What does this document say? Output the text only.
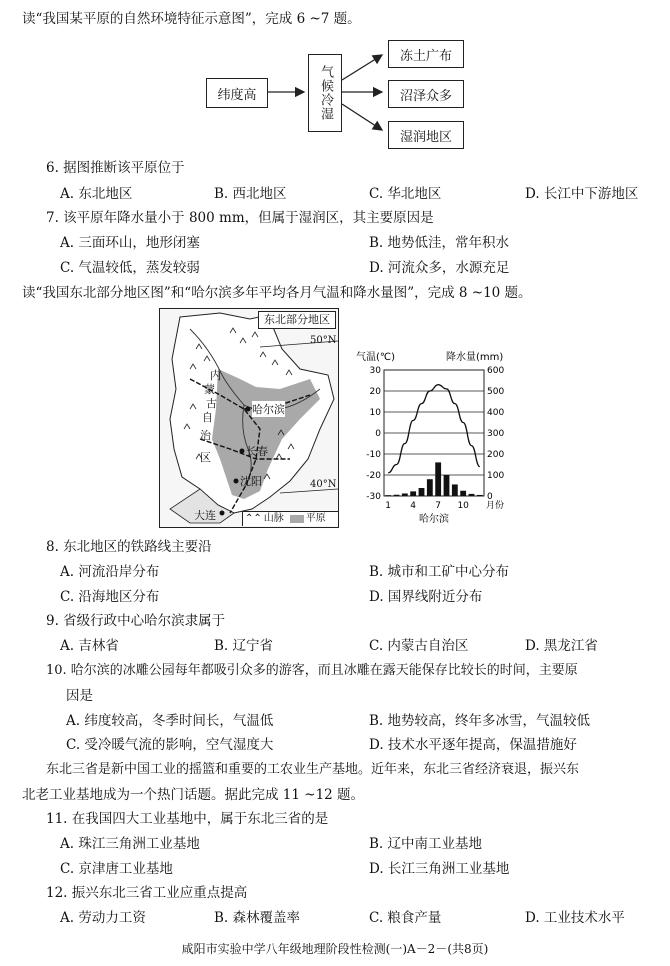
读“我国某平原的自然环境特征示意图”，完成 6 ~7 题。
纬度高	气候冷湿
冻土广布
沼泽众多
湿润地区
6. 据图推断该平原位于
A. 东北地区	B. 西北地区	C. 华北地区	D. 长江中下游地区
7. 该平原年降水量小于 800 mm，但属于湿润区，其主要原因是
A. 三面环山，地形闭塞	B. 地势低洼，常年积水
C. 气温较低，蒸发较弱	D. 河流众多，水源充足
读“我国东北部分地区图”和“哈尔滨多年平均各月气温和降水量图”，完成 8 ~10 题。
东北部分地区
50°N
40°N
哈尔滨
长春
沈阳
大连
内
蒙
古
自
治
区
⌃⌃ 山脉 平原
气温(℃)	降水量(mm)
30	600
20	500
10	400
0	300
-10	200
-20	100
-30	0
1 4 7 10 月份
哈尔滨
8. 东北地区的铁路线主要沿
A. 河流沿岸分布	B. 城市和工矿中心分布
C. 沿海地区分布	D. 国界线附近分布
9. 省级行政中心哈尔滨隶属于
A. 吉林省	B. 辽宁省	C. 内蒙古自治区	D. 黑龙江省
10. 哈尔滨的冰雕公园每年都吸引众多的游客，而且冰雕在露天能保存比较长的时间，主要原
因是
A. 纬度较高，冬季时间长，气温低	B. 地势较高，终年多冰雪，气温较低
C. 受冷暖气流的影响，空气湿度大	D. 技术水平逐年提高，保温措施好
东北三省是新中国工业的摇篮和重要的工农业生产基地。近年来，东北三省经济衰退，振兴东
北老工业基地成为一个热门话题。据此完成 11 ~12 题。
11. 在我国四大工业基地中，属于东北三省的是
A. 珠江三角洲工业基地	B. 辽中南工业基地
C. 京津唐工业基地	D. 长江三角洲工业基地
12. 振兴东北三省工业应重点提高
A. 劳动力工资	B. 森林覆盖率	C. 粮食产量	D. 工业技术水平
咸阳市实验中学八年级地理阶段性检测(一)A－2－(共8页)
